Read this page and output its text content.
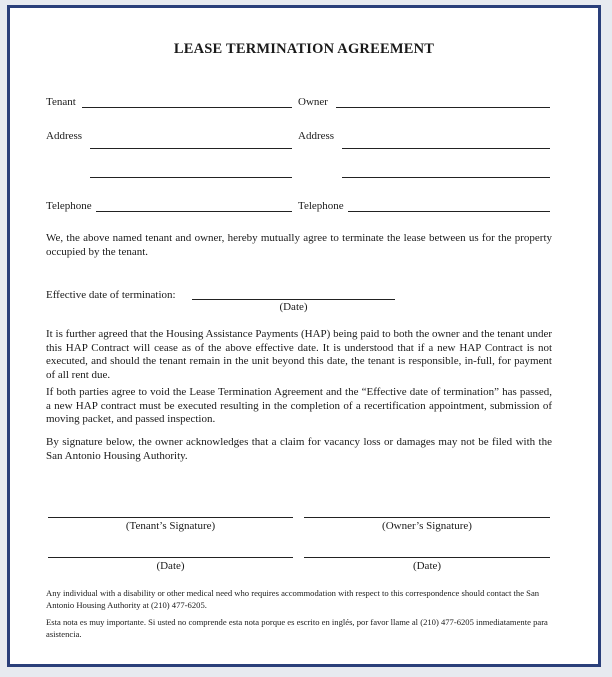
LEASE TERMINATION AGREEMENT
Tenant	Owner
Address	Address
Telephone	Telephone
We, the above named tenant and owner, hereby mutually agree to terminate the lease between us for the property occupied by the tenant.
Effective date of termination:
(Date)
It is further agreed that the Housing Assistance Payments (HAP) being paid to both the owner and the tenant under this HAP Contract will cease as of the above effective date. It is understood that if a new HAP Contract is not executed, and should the tenant remain in the unit beyond this date, the tenant is responsible, in-full, for payment of all rent due.
If both parties agree to void the Lease Termination Agreement and the “Effective date of termination” has passed, a new HAP contract must be executed resulting in the completion of a recertification appointment, submission of moving packet, and passed inspection.
By signature below, the owner acknowledges that a claim for vacancy loss or damages may not be filed with the San Antonio Housing Authority.
(Tenant’s Signature)	(Owner’s Signature)
(Date)	(Date)
Any individual with a disability or other medical need who requires accommodation with respect to this correspondence should contact the San Antonio Housing Authority at (210) 477-6205.
Esta nota es muy importante. Si usted no comprende esta nota porque es escrito en inglés, por favor llame al (210) 477-6205 inmediatamente para asistencia.
